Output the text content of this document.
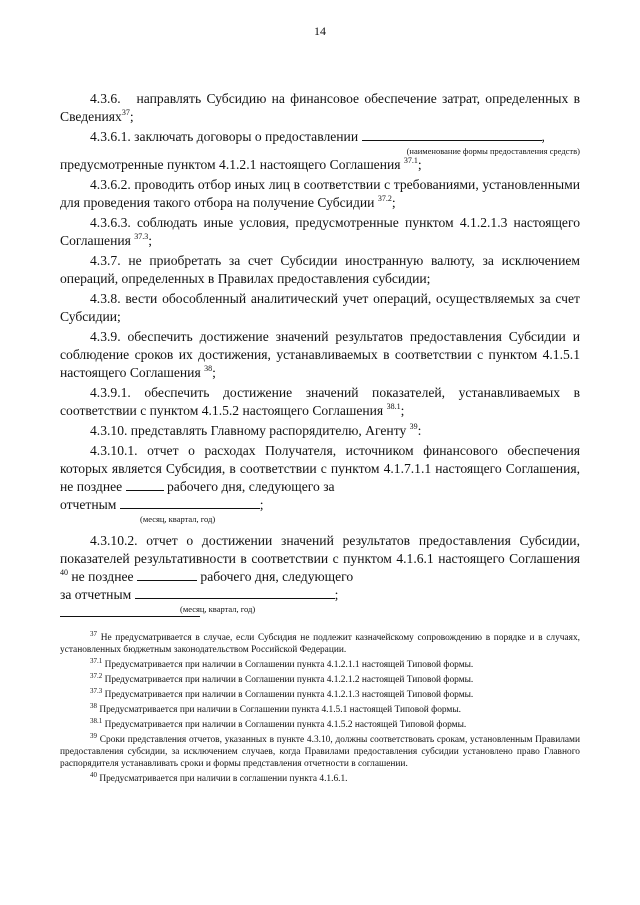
14

4.3.6.   направлять Субсидию на финансовое обеспечение затрат, определенных в Сведениях$^{37}$;

4.3.6.1. заключать договоры о предоставлении	,

(наименование формы предоставления средств)

предусмотренные пунктом 4.1.2.1 настоящего Соглашения $^{37.1}$;

4.3.6.2. проводить отбор иных лиц в соответствии с требованиями, установленными для проведения такого отбора на получение Субсидии $^{37.2}$;

4.3.6.3. соблюдать иные условия, предусмотренные пунктом 4.1.2.1.3 настоящего Соглашения $^{37.3}$;

4.3.7. не приобретать за счет Субсидии иностранную валюту, за исключением операций, определенных в Правилах предоставления субсидии;

4.3.8. вести обособленный аналитический учет операций, осуществляемых за счет Субсидии;

4.3.9. обеспечить достижение значений результатов предоставления Субсидии и соблюдение сроков их достижения, устанавливаемых в соответствии с пунктом 4.1.5.1 настоящего Соглашения $^{38}$;

4.3.9.1. обеспечить достижение значений показателей, устанавливаемых в соответствии с пунктом 4.1.5.2 настоящего Соглашения $^{38.1}$;

4.3.10. представлять Главному распорядителю, Агенту $^{39}$:

4.3.10.1. отчет о расходах Получателя, источником финансового обеспечения которых является Субсидия, в соответствии с пунктом 4.1.7.1.1 настоящего Соглашения, не позднее	рабочего дня, следующего за
отчетным	;

(месяц, квартал, год)

4.3.10.2. отчет о достижении значений результатов предоставления Субсидии, показателей результативности в соответствии с пунктом 4.1.6.1 настоящего Соглашения $^{40}$ не позднее	рабочего дня, следующего
за отчетным	;

(месяц, квартал, год)

$^{37}$ Не предусматривается в случае, если Субсидия не подлежит казначейскому сопровождению в порядке и в случаях, установленных бюджетным законодательством Российской Федерации.

$^{37.1}$ Предусматривается при наличии в Соглашении пункта 4.1.2.1.1 настоящей Типовой формы.

$^{37.2}$ Предусматривается при наличии в Соглашении пункта 4.1.2.1.2 настоящей Типовой формы.

$^{37.3}$ Предусматривается при наличии в Соглашении пункта 4.1.2.1.3 настоящей Типовой формы.

$^{38}$ Предусматривается при наличии в Соглашении пункта 4.1.5.1 настоящей Типовой формы.

$^{38.1}$ Предусматривается при наличии в Соглашении пункта 4.1.5.2 настоящей Типовой формы.

$^{39}$ Сроки представления отчетов, указанных в пункте 4.3.10, должны соответствовать срокам, установленным Правилами предоставления субсидии, за исключением случаев, когда Правилами предоставления субсидии установлено право Главного распорядителя устанавливать сроки и формы представления отчетности в соглашении.

$^{40}$ Предусматривается при наличии в соглашении пункта 4.1.6.1.
